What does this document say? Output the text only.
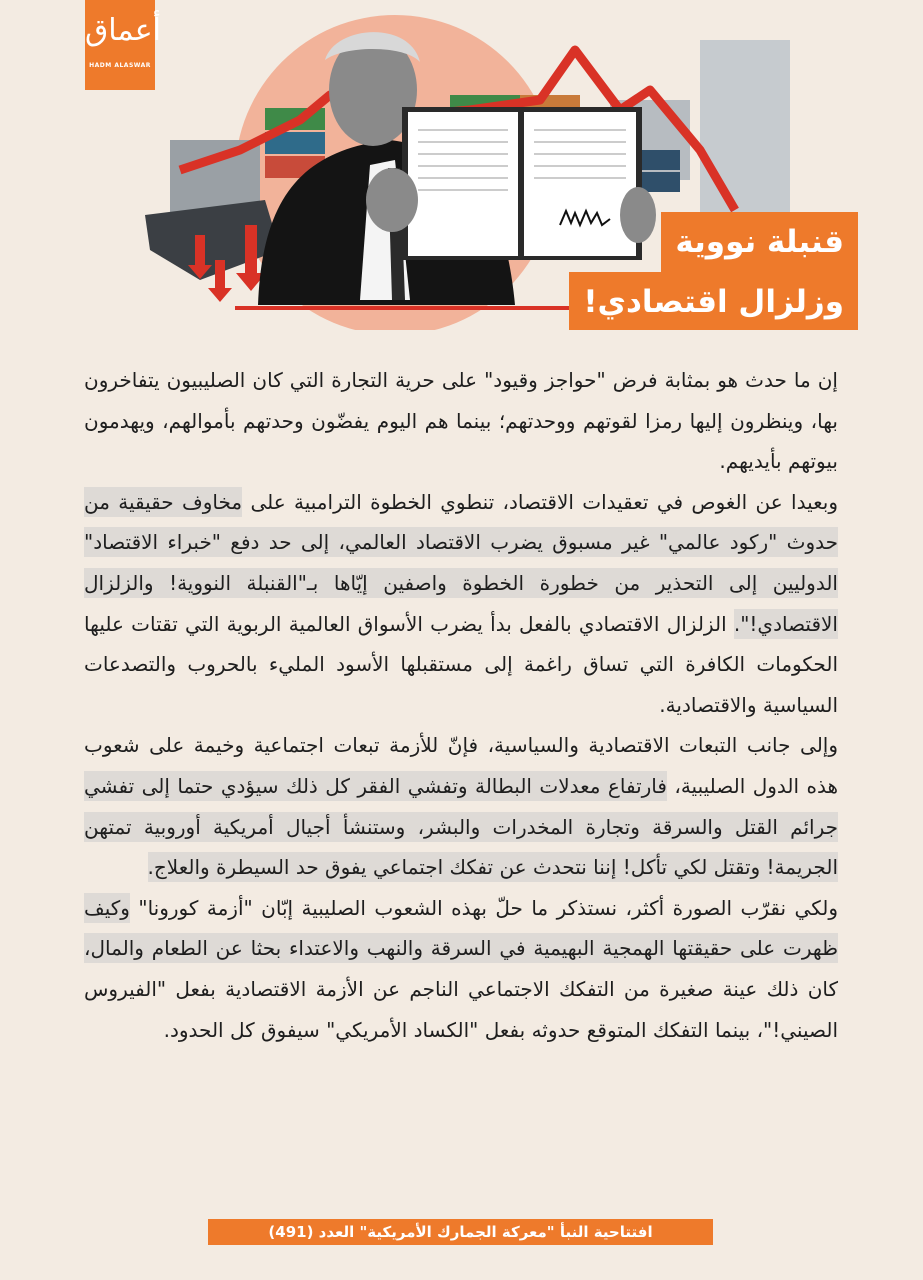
أعماق
HADM ALASWAR
قنبلة نووية
وزلزال اقتصادي!

إن ما حدث هو بمثابة فرض "حواجز وقيود" على حرية التجارة التي كان الصليبيون يتفاخرون بها، وينظرون إليها رمزا لقوتهم ووحدتهم؛ بينما هم اليوم يفضّون وحدتهم بأموالهم، ويهدمون بيوتهم بأيديهم.

وبعيدا عن الغوص في تعقيدات الاقتصاد، تنطوي الخطوة الترامبية على مخاوف حقيقية من حدوث "ركود عالمي" غير مسبوق يضرب الاقتصاد العالمي، إلى حد دفع "خبراء الاقتصاد" الدوليين إلى التحذير من خطورة الخطوة واصفين إيّاها بـ"القنبلة النووية! والزلزال الاقتصادي!". الزلزال الاقتصادي بالفعل بدأ يضرب الأسواق العالمية الربوية التي تقتات عليها الحكومات الكافرة التي تساق راغمة إلى مستقبلها الأسود المليء بالحروب والتصدعات السياسية والاقتصادية.

وإلى جانب التبعات الاقتصادية والسياسية، فإنّ للأزمة تبعات اجتماعية وخيمة على شعوب هذه الدول الصليبية، فارتفاع معدلات البطالة وتفشي الفقر كل ذلك سيؤدي حتما إلى تفشي جرائم القتل والسرقة وتجارة المخدرات والبشر، وستنشأ أجيال أمريكية أوروبية تمتهن الجريمة! وتقتل لكي تأكل! إننا نتحدث عن تفكك اجتماعي يفوق حد السيطرة والعلاج.

ولكي نقرّب الصورة أكثر، نستذكر ما حلّ بهذه الشعوب الصليبية إبّان "أزمة كورونا" وكيف ظهرت على حقيقتها الهمجية البهيمية في السرقة والنهب والاعتداء بحثا عن الطعام والمال، كان ذلك عينة صغيرة من التفكك الاجتماعي الناجم عن الأزمة الاقتصادية بفعل "الفيروس الصيني!"، بينما التفكك المتوقع حدوثه بفعل "الكساد الأمريكي" سيفوق كل الحدود.

افتتاحية النبأ "معركة الجمارك الأمريكية" العدد (491)
